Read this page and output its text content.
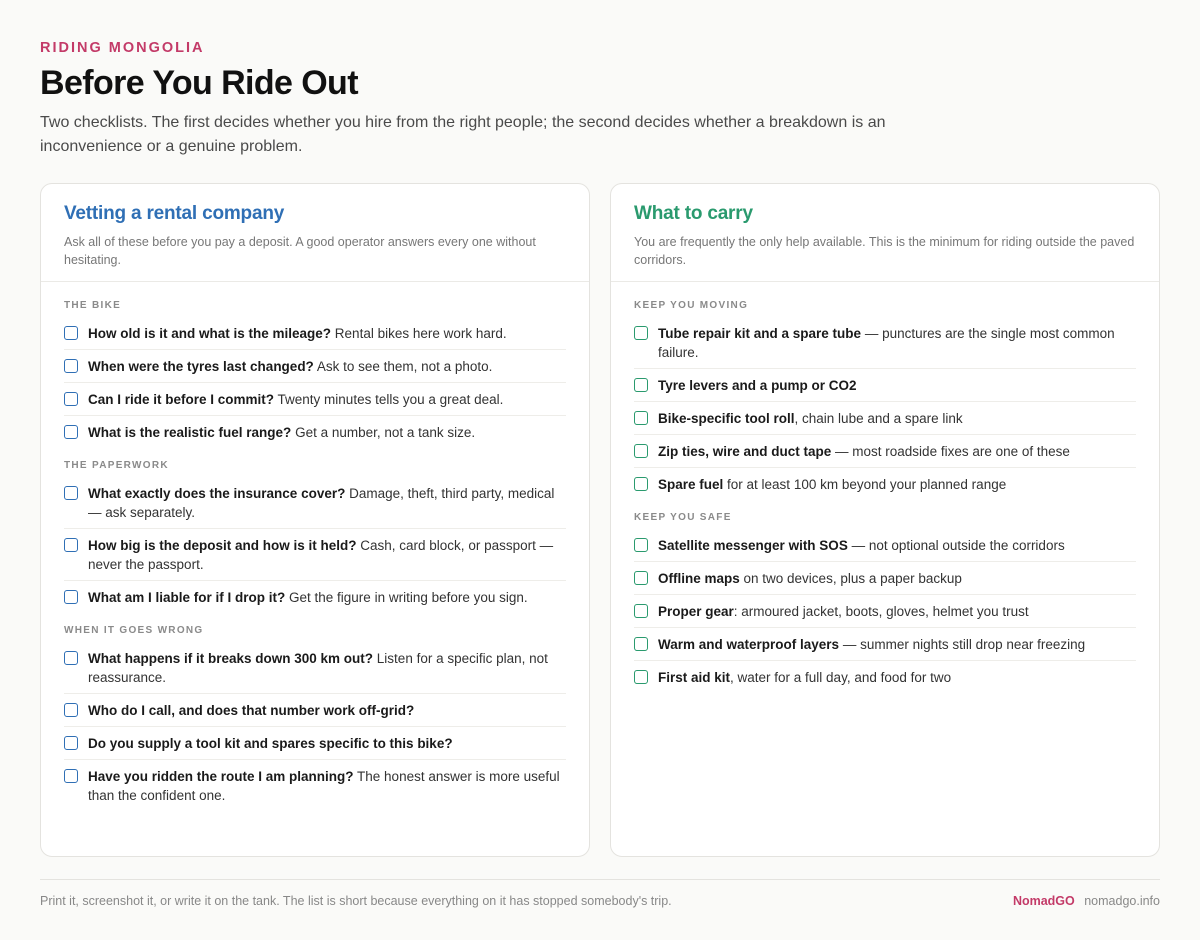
RIDING MONGOLIA
Before You Ride Out

Two checklists. The first decides whether you hire from the right people; the second decides whether a breakdown is an inconvenience or a genuine problem.

Vetting a rental company

Ask all of these before you pay a deposit. A good operator answers every one without hesitating.

THE BIKE
How old is it and what is the mileage? Rental bikes here work hard.
When were the tyres last changed? Ask to see them, not a photo.
Can I ride it before I commit? Twenty minutes tells you a great deal.
What is the realistic fuel range? Get a number, not a tank size.
THE PAPERWORK
What exactly does the insurance cover? Damage, theft, third party, medical — ask separately.
How big is the deposit and how is it held? Cash, card block, or passport — never the passport.
What am I liable for if I drop it? Get the figure in writing before you sign.
WHEN IT GOES WRONG
What happens if it breaks down 300 km out? Listen for a specific plan, not reassurance.
Who do I call, and does that number work off-grid?
Do you supply a tool kit and spares specific to this bike?
Have you ridden the route I am planning? The honest answer is more useful than the confident one.
What to carry

You are frequently the only help available. This is the minimum for riding outside the paved corridors.

KEEP YOU MOVING
Tube repair kit and a spare tube — punctures are the single most common failure.
Tyre levers and a pump or CO2
Bike-specific tool roll, chain lube and a spare link
Zip ties, wire and duct tape — most roadside fixes are one of these
Spare fuel for at least 100 km beyond your planned range
KEEP YOU SAFE
Satellite messenger with SOS — not optional outside the corridors
Offline maps on two devices, plus a paper backup
Proper gear: armoured jacket, boots, gloves, helmet you trust
Warm and waterproof layers — summer nights still drop near freezing
First aid kit, water for a full day, and food for two
Print it, screenshot it, or write it on the tank. The list is short because everything on it has stopped somebody's trip.	NomadGO nomadgo.info
